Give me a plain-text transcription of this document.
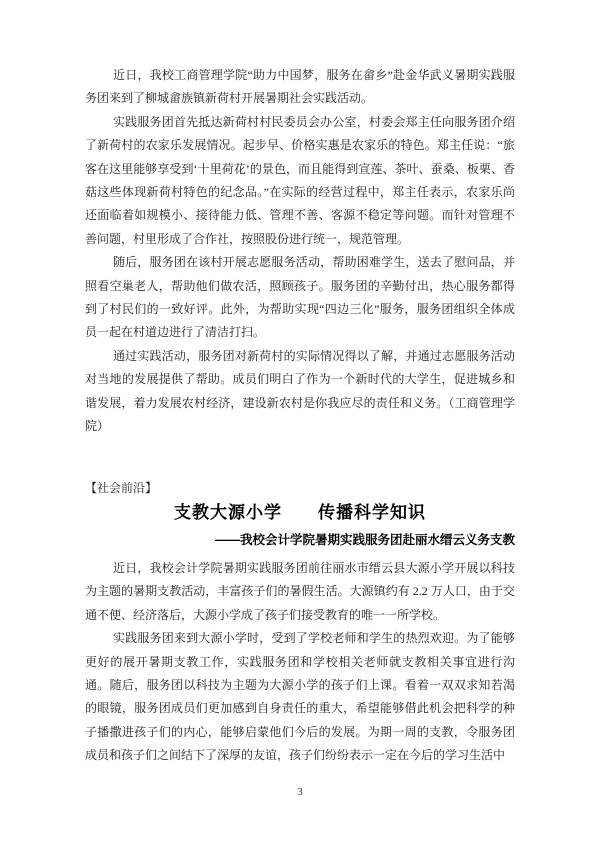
近日，我校工商管理学院“助力中国梦，服务在畲乡”赴金华武义暑期实践服务团来到了柳城畲族镇新荷村开展暑期社会实践活动。

实践服务团首先抵达新荷村村民委员会办公室，村委会郑主任向服务团介绍了新荷村的农家乐发展情况。起步早、价格实惠是农家乐的特色。郑主任说：“旅客在这里能够享受到‘十里荷花’的景色，而且能得到宣莲、茶叶、蚕桑、板栗、香菇这些体现新荷村特色的纪念品。”在实际的经营过程中，郑主任表示，农家乐尚还面临着如规模小、接待能力低、管理不善、客源不稳定等问题。而针对管理不善问题，村里形成了合作社，按照股份进行统一，规范管理。

随后，服务团在该村开展志愿服务活动，帮助困难学生，送去了慰问品，并照看空巢老人，帮助他们做农活，照顾孩子。服务团的辛勤付出，热心服务都得到了村民们的一致好评。此外，为帮助实现“四边三化”服务，服务团组织全体成员一起在村道边进行了清洁打扫。

通过实践活动，服务团对新荷村的实际情况得以了解，并通过志愿服务活动对当地的发展提供了帮助。成员们明白了作为一个新时代的大学生，促进城乡和谐发展，着力发展农村经济，建设新农村是你我应尽的责任和义务。（工商管理学院）

【社会前沿】
支教大源小学　　传播科学知识
——我校会计学院暑期实践服务团赴丽水缙云义务支教

近日，我校会计学院暑期实践服务团前往丽水市缙云县大源小学开展以科技为主题的暑期支教活动，丰富孩子们的暑假生活。大源镇约有 2.2 万人口，由于交通不便、经济落后，大源小学成了孩子们接受教育的唯一一所学校。

实践服务团来到大源小学时，受到了学校老师和学生的热烈欢迎。为了能够更好的展开暑期支教工作，实践服务团和学校相关老师就支教相关事宜进行沟通。随后，服务团以科技为主题为大源小学的孩子们上课。看着一双双求知若渴的眼镜，服务团成员们更加感到自身责任的重大，希望能够借此机会把科学的种子播撒进孩子们的内心，能够启蒙他们今后的发展。为期一周的支教，令服务团成员和孩子们之间结下了深厚的友谊，孩子们纷纷表示一定在今后的学习生活中

3
